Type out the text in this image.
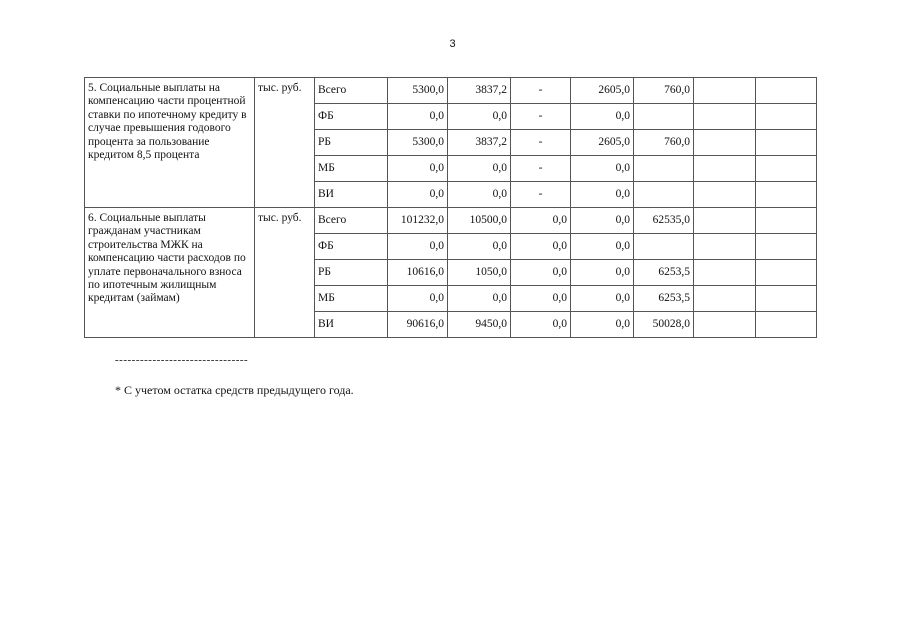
3
5. Социальные выплаты на компенсацию части процентной ставки по ипотечному кредиту в случае превышения годового процента за пользование кредитом 8,5 процента	тыс. руб.	Всего	5300,0	3837,2	-	2605,0	760,0		
		ФБ	0,0	0,0	-	0,0			
		РБ	5300,0	3837,2	-	2605,0	760,0		
		МБ	0,0	0,0	-	0,0			
		ВИ	0,0	0,0	-	0,0			
6. Социальные выплаты гражданам участникам строительства МЖК на компенсацию части расходов по уплате первоначального взноса по ипотечным жилищным кредитам (займам)	тыс. руб.	Всего	101232,0	10500,0	0,0	0,0	62535,0		
		ФБ	0,0	0,0	0,0	0,0			
		РБ	10616,0	1050,0	0,0	0,0	6253,5		
		МБ	0,0	0,0	0,0	0,0	6253,5		
		ВИ	90616,0	9450,0	0,0	0,0	50028,0		
--------------------------------
* С учетом остатка средств предыдущего года.
